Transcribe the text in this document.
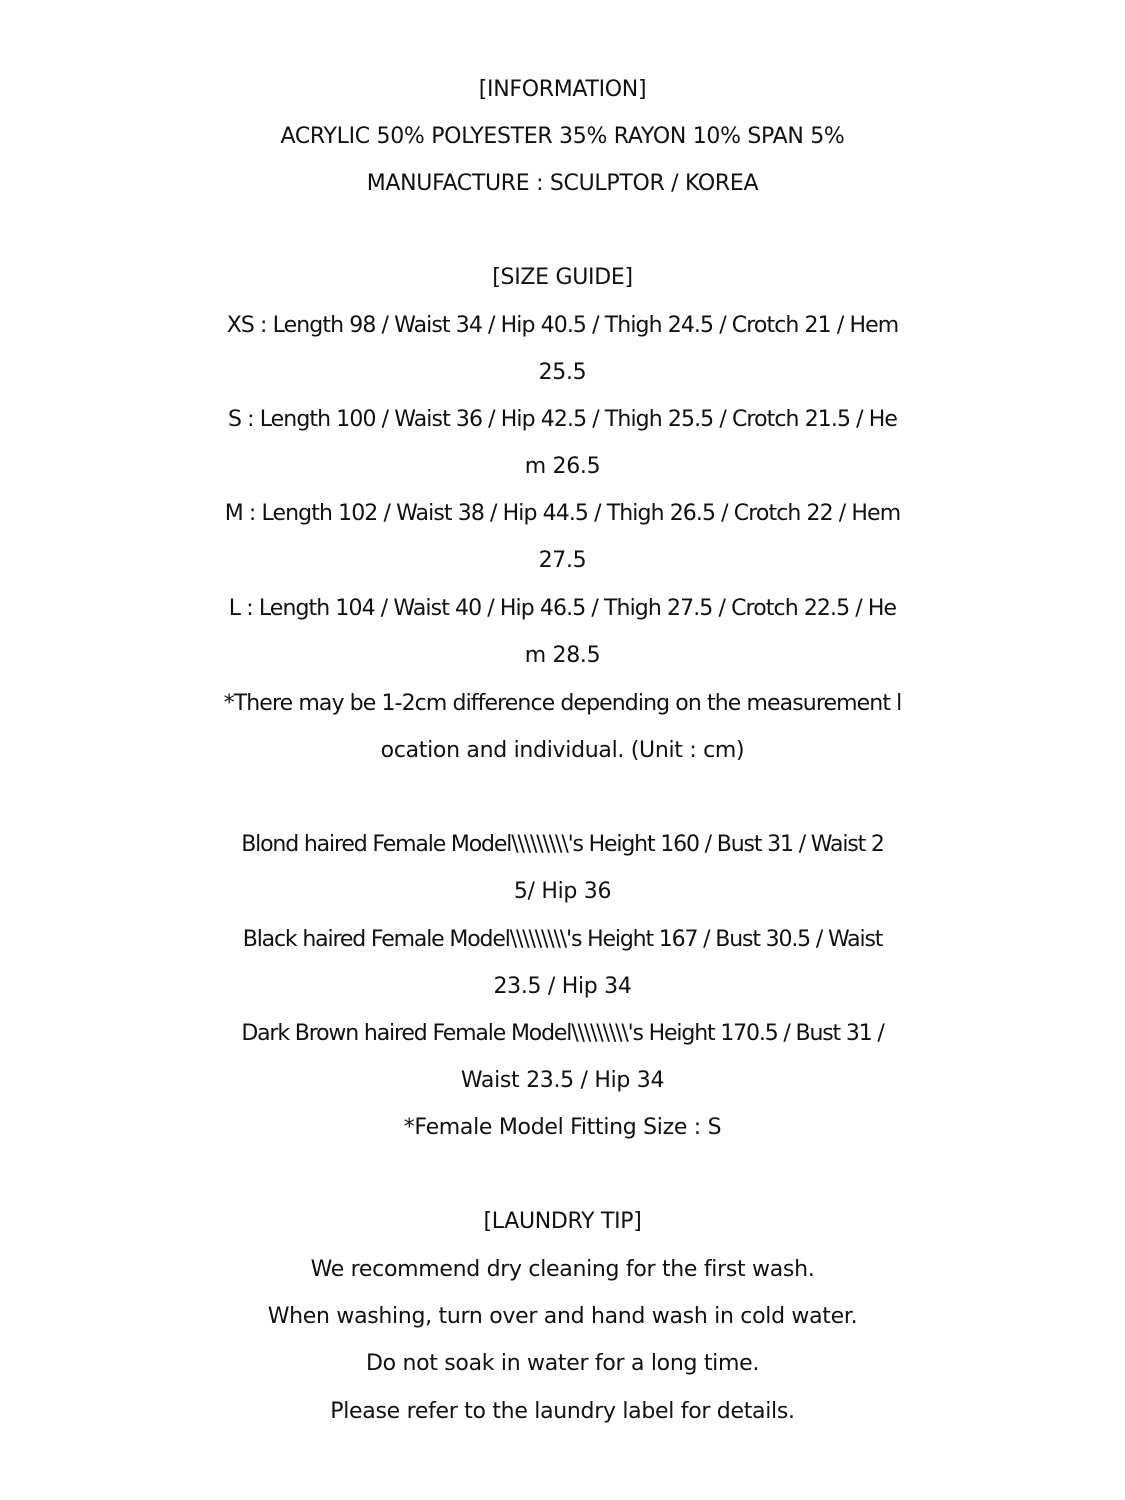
[INFORMATION]
ACRYLIC 50% POLYESTER 35% RAYON 10% SPAN 5%
MANUFACTURE : SCULPTOR / KOREA
[SIZE GUIDE]
XS : Length 98 / Waist 34 / Hip 40.5 / Thigh 24.5 / Crotch 21 / Hem
25.5
S : Length 100 / Waist 36 / Hip 42.5 / Thigh 25.5 / Crotch 21.5 / He
m 26.5
M : Length 102 / Waist 38 / Hip 44.5 / Thigh 26.5 / Crotch 22 / Hem
27.5
L : Length 104 / Waist 40 / Hip 46.5 / Thigh 27.5 / Crotch 22.5 / He
m 28.5
*There may be 1-2cm difference depending on the measurement l
ocation and individual. (Unit : cm)
Blond haired Female Model\\\\\\\\\'s Height 160 / Bust 31 / Waist 2
5/ Hip 36
Black haired Female Model\\\\\\\\\'s Height 167 / Bust 30.5 / Waist
23.5 / Hip 34
Dark Brown haired Female Model\\\\\\\\\'s Height 170.5 / Bust 31 /
Waist 23.5 / Hip 34
*Female Model Fitting Size : S
[LAUNDRY TIP]
We recommend dry cleaning for the first wash.
When washing, turn over and hand wash in cold water.
Do not soak in water for a long time.
Please refer to the laundry label for details.
